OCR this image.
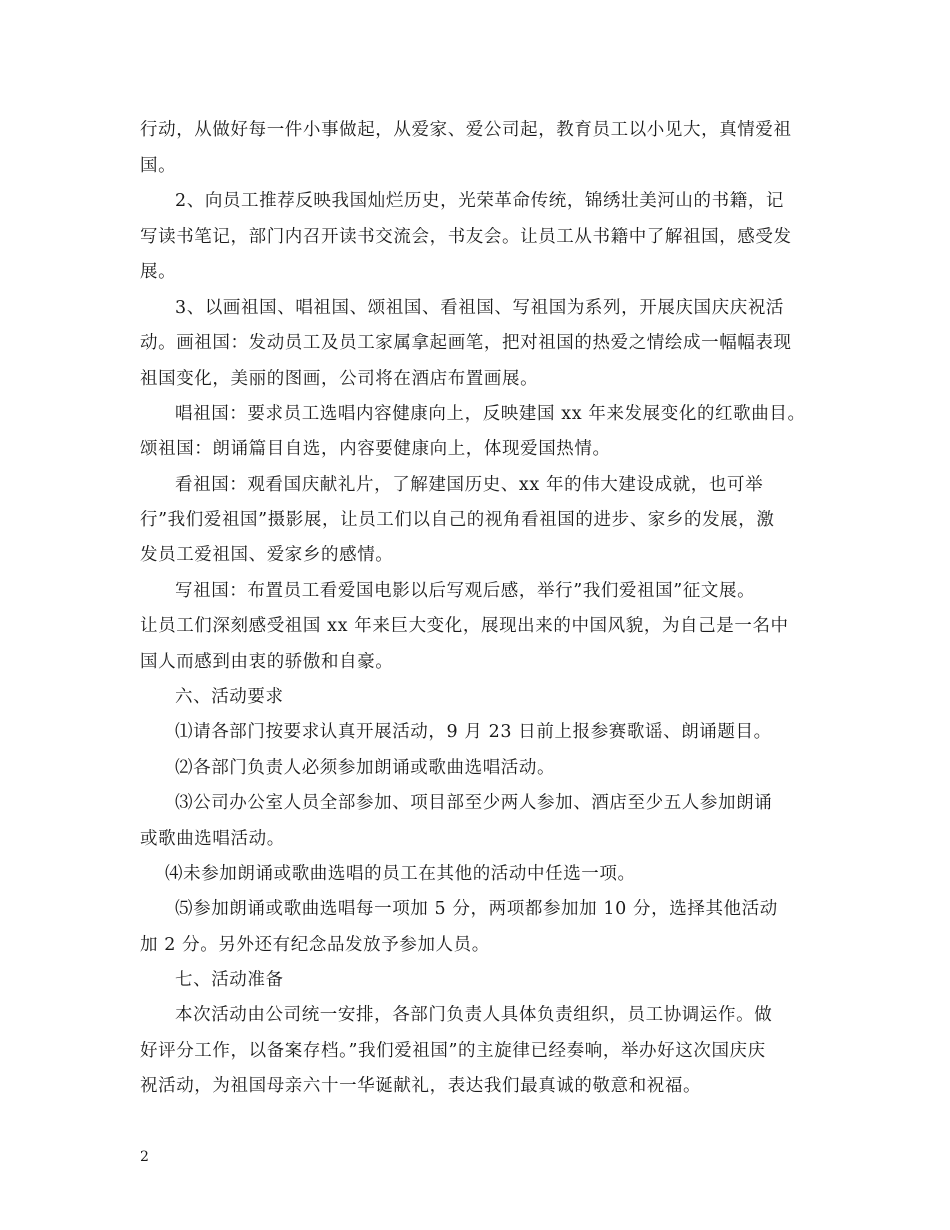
行动，从做好每一件小事做起，从爱家、爱公司起，教育员工以小见大，真情爱祖
国。
2、向员工推荐反映我国灿烂历史，光荣革命传统，锦绣壮美河山的书籍，记
写读书笔记，部门内召开读书交流会，书友会。让员工从书籍中了解祖国，感受发
展。
3、以画祖国、唱祖国、颂祖国、看祖国、写祖国为系列，开展庆国庆庆祝活
动。画祖国：发动员工及员工家属拿起画笔，把对祖国的热爱之情绘成一幅幅表现
祖国变化，美丽的图画，公司将在酒店布置画展。
唱祖国：要求员工选唱内容健康向上，反映建国 xx 年来发展变化的红歌曲目。
颂祖国：朗诵篇目自选，内容要健康向上，体现爱国热情。
看祖国：观看国庆献礼片，了解建国历史、xx 年的伟大建设成就，也可举
行”我们爱祖国”摄影展，让员工们以自己的视角看祖国的进步、家乡的发展，激
发员工爱祖国、爱家乡的感情。
写祖国：布置员工看爱国电影以后写观后感，举行”我们爱祖国”征文展。
让员工们深刻感受祖国 xx 年来巨大变化，展现出来的中国风貌，为自己是一名中
国人而感到由衷的骄傲和自豪。
六、活动要求
⑴请各部门按要求认真开展活动，9 月 23 日前上报参赛歌谣、朗诵题目。
⑵各部门负责人必须参加朗诵或歌曲选唱活动。
⑶公司办公室人员全部参加、项目部至少两人参加、酒店至少五人参加朗诵
或歌曲选唱活动。
⑷未参加朗诵或歌曲选唱的员工在其他的活动中任选一项。
⑸参加朗诵或歌曲选唱每一项加 5 分，两项都参加加 10 分，选择其他活动
加 2 分。另外还有纪念品发放予参加人员。
七、活动准备
本次活动由公司统一安排，各部门负责人具体负责组织，员工协调运作。做
好评分工作，以备案存档。”我们爱祖国”的主旋律已经奏响，举办好这次国庆庆
祝活动，为祖国母亲六十一华诞献礼，表达我们最真诚的敬意和祝福。
2
